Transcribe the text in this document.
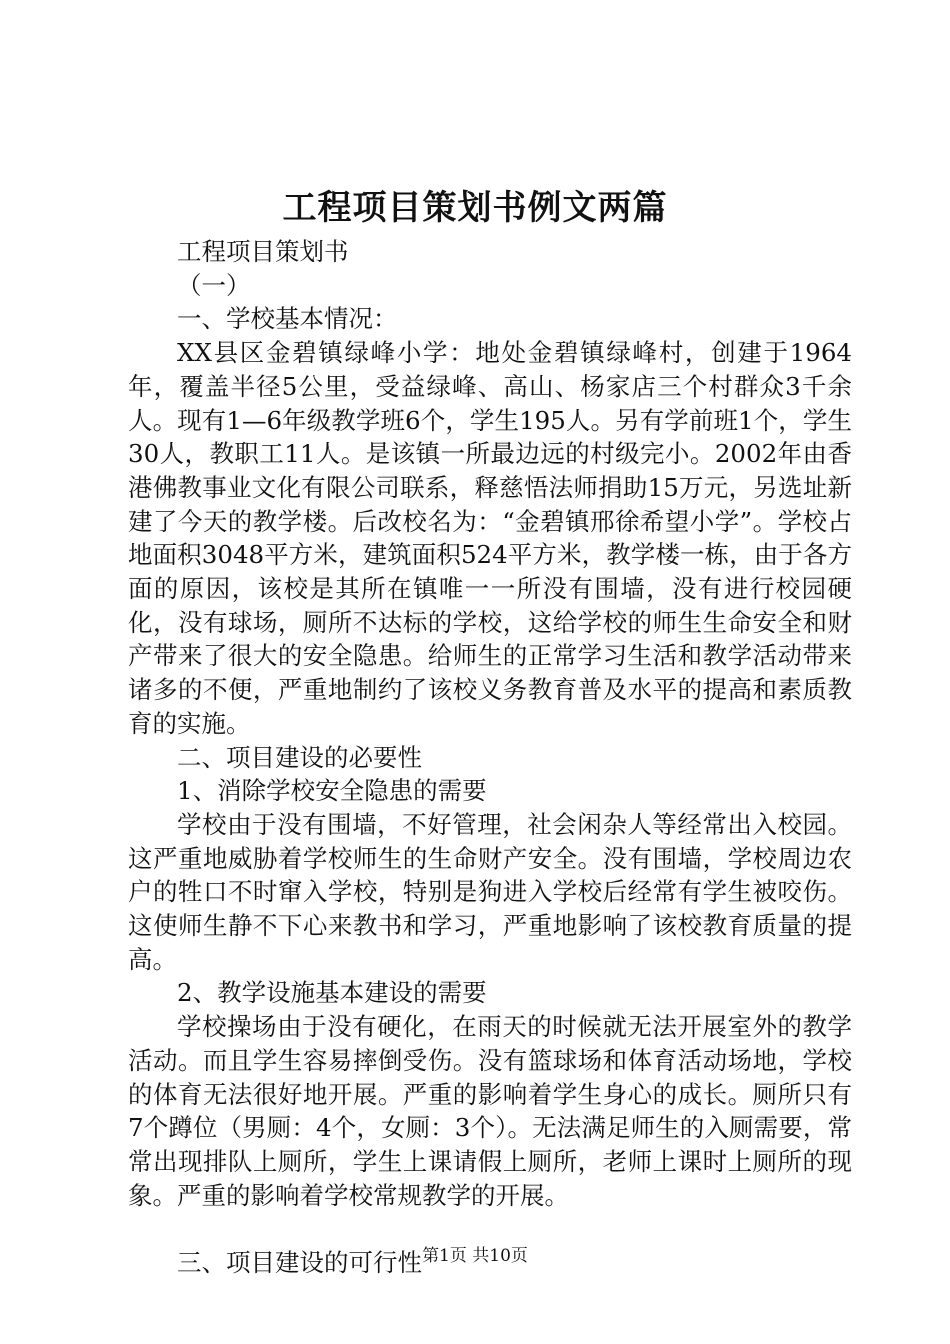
工程项目策划书例文两篇

工程项目策划书

（一）

一、学校基本情况：

XX县区金碧镇绿峰小学：地处金碧镇绿峰村，创建于1964年，覆盖半径5公里，受益绿峰、高山、杨家店三个村群众3千余人。现有1—6年级教学班6个，学生195人。另有学前班1个，学生30人，教职工11人。是该镇一所最边远的村级完小。2002年由香港佛教事业文化有限公司联系，释慈悟法师捐助15万元，另选址新建了今天的教学楼。后改校名为：“金碧镇邢徐希望小学”。学校占地面积3048平方米，建筑面积524平方米，教学楼一栋，由于各方面的原因，该校是其所在镇唯一一所没有围墙，没有进行校园硬化，没有球场，厕所不达标的学校，这给学校的师生生命安全和财产带来了很大的安全隐患。给师生的正常学习生活和教学活动带来诸多的不便，严重地制约了该校义务教育普及水平的提高和素质教育的实施。

二、项目建设的必要性

1、消除学校安全隐患的需要

学校由于没有围墙，不好管理，社会闲杂人等经常出入校园。这严重地威胁着学校师生的生命财产安全。没有围墙，学校周边农户的牲口不时窜入学校，特别是狗进入学校后经常有学生被咬伤。这使师生静不下心来教书和学习，严重地影响了该校教育质量的提高。

2、教学设施基本建设的需要

学校操场由于没有硬化，在雨天的时候就无法开展室外的教学活动。而且学生容易摔倒受伤。没有篮球场和体育活动场地，学校的体育无法很好地开展。严重的影响着学生身心的成长。厕所只有7个蹲位（男厕：4个，女厕：3个）。无法满足师生的入厕需要，常常出现排队上厕所，学生上课请假上厕所，老师上课时上厕所的现象。严重的影响着学校常规教学的开展。

三、项目建设的可行性 第1页 共10页
